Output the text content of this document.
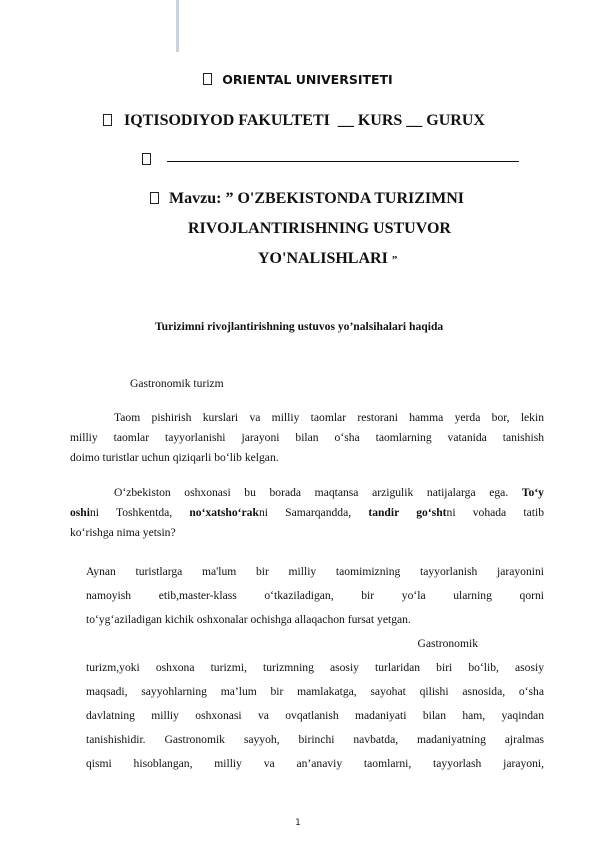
ORIENTAL UNIVERSITETI
IQTISODIYOD FAKULTETI __ KURS __ GURUX
Mavzu: ” O'ZBEKISTONDA TURIZIMNI
RIVOJLANTIRISHNING USTUVOR
YO'NALISHLARI ”
Turizimni rivojlantirishning ustuvos yo’nalsihalari haqida
Gastronomik turizm
Taom pishirish kurslari va milliy taomlar restorani hamma yerda bor, lekin
milliy taomlar tayyorlanishi jarayoni bilan o‘sha taomlarning vatanida tanishish
doimo turistlar uchun qiziqarli bo‘lib kelgan.
O‘zbekiston oshxonasi bu borada maqtansa arzigulik natijalarga ega. To‘y
oshini Toshkentda, no‘xatsho‘rakni Samarqandda, tandir go‘shtni vohada tatib
ko‘rishga nima yetsin?
Aynan turistlarga ma'lum bir milliy taomimizning tayyorlanish jarayonini
namoyish etib,master-klass o‘tkaziladigan, bir yo‘la ularning qorni
to‘yg‘aziladigan kichik oshxonalar ochishga allaqachon fursat yetgan.
Gastronomik
turizm,yoki oshxona turizmi, turizmning asosiy turlaridan biri bo‘lib, asosiy
maqsadi, sayyohlarning ma’lum bir mamlakatga, sayohat qilishi asnosida, o‘sha
davlatning milliy oshxonasi va ovqatlanish madaniyati bilan ham, yaqindan
tanishishidir. Gastronomik sayyoh, birinchi navbatda, madaniyatning ajralmas
qismi hisoblangan, milliy va an’anaviy taomlarni, tayyorlash jarayoni,
1
